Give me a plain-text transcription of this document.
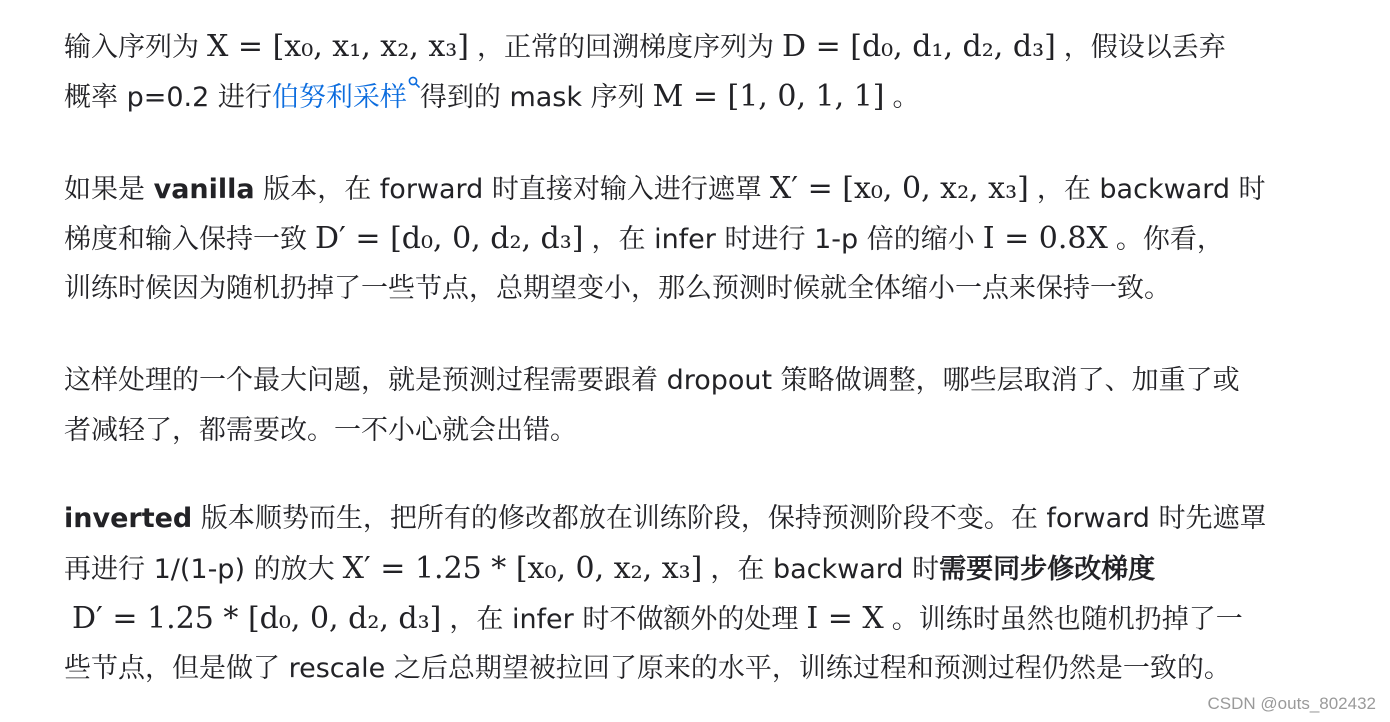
输入序列为 X = [x₀, x₁, x₂, x₃] ，正常的回溯梯度序列为 D = [d₀, d₁, d₂, d₃] ，假设以丢弃
概率 p=0.2 进行伯努利采样 得到的 mask 序列 M = [1, 0, 1, 1] 。

如果是 vanilla 版本，在 forward 时直接对输入进行遮罩 X′ = [x₀, 0, x₂, x₃] ，在 backward 时
梯度和输入保持一致 D′ = [d₀, 0, d₂, d₃] ，在 infer 时进行 1-p 倍的缩小 I = 0.8X 。你看，
训练时候因为随机扔掉了一些节点，总期望变小，那么预测时候就全体缩小一点来保持一致。

这样处理的一个最大问题，就是预测过程需要跟着 dropout 策略做调整，哪些层取消了、加重了或
者减轻了，都需要改。一不小心就会出错。

inverted 版本顺势而生，把所有的修改都放在训练阶段，保持预测阶段不变。在 forward 时先遮罩
再进行 1/(1-p) 的放大 X′ = 1.25 * [x₀, 0, x₂, x₃] ，在 backward 时需要同步修改梯度
D′ = 1.25 * [d₀, 0, d₂, d₃] ，在 infer 时不做额外的处理 I = X 。训练时虽然也随机扔掉了一
些节点，但是做了 rescale 之后总期望被拉回了原来的水平，训练过程和预测过程仍然是一致的。

CSDN @outs_802432
